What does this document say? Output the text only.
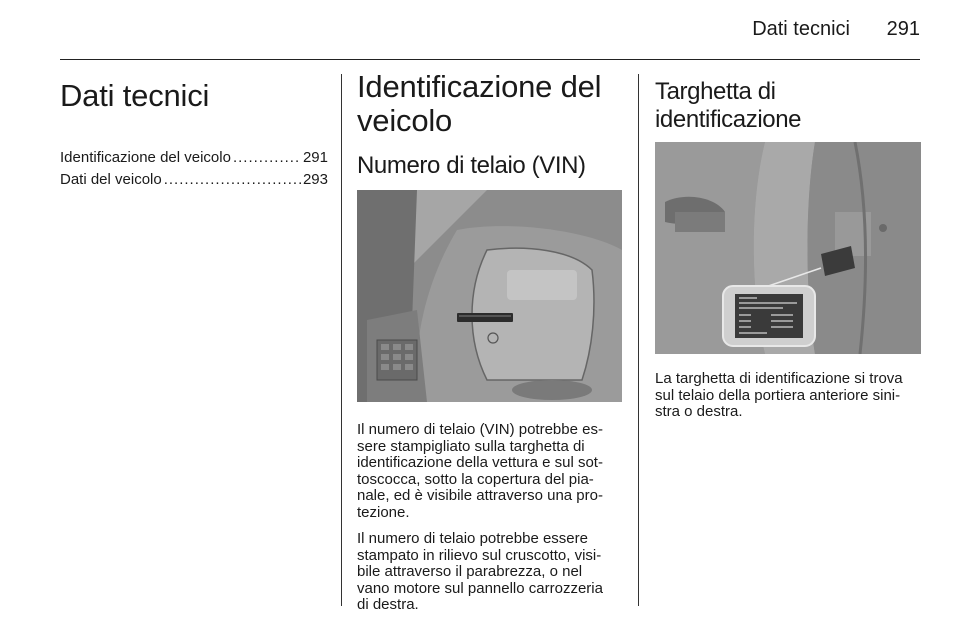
Dati tecnici	291
Dati tecnici
Identificazione del veicolo .....	291
Dati del veicolo .....	293
Identificazione del
veicolo
Numero di telaio (VIN)

Il numero di telaio (VIN) potrebbe es-
sere stampigliato sulla targhetta di
identificazione della vettura e sul sot-
toscocca, sotto la copertura del pia-
nale, ed è visibile attraverso una pro-
tezione.

Il numero di telaio potrebbe essere
stampato in rilievo sul cruscotto, visi-
bile attraverso il parabrezza, o nel
vano motore sul pannello carrozzeria
di destra.

Targhetta di identificazione

La targhetta di identificazione si trova
sul telaio della portiera anteriore sini-
stra o destra.
